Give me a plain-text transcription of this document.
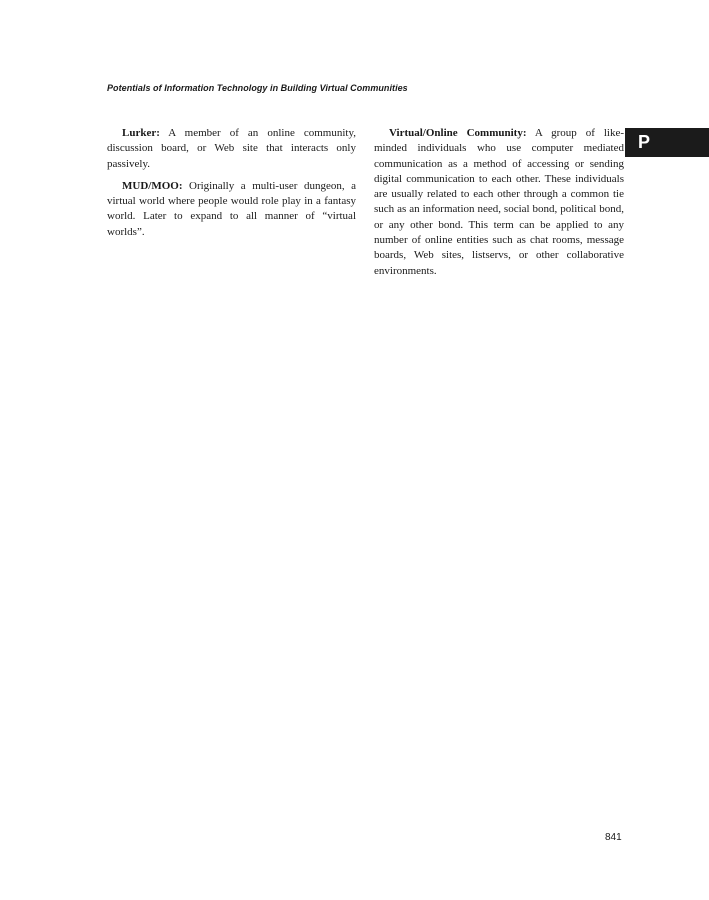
Potentials of Information Technology in Building Virtual Communities
P

Lurker: A member of an online community, discussion board, or Web site that interacts only passively.

MUD/MOO: Originally a multi-user dungeon, a virtual world where people would role play in a fantasy world. Later to expand to all manner of “virtual worlds”.

Virtual/Online Community: A group of like-minded individuals who use computer mediated communication as a method of accessing or sending digital communication to each other. These individuals are usually related to each other through a common tie such as an information need, social bond, political bond, or any other bond. This term can be applied to any number of online entities such as chat rooms, message boards, Web sites, listservs, or other collaborative environments.

841
